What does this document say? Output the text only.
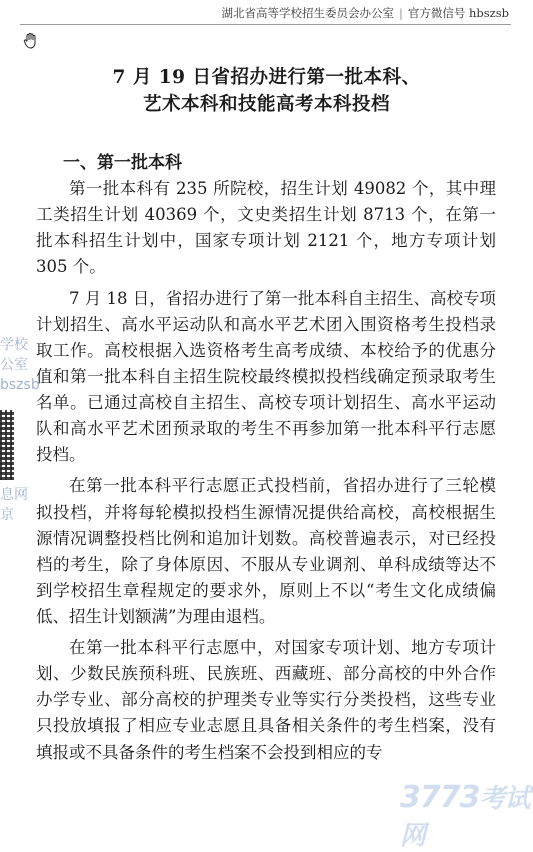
湖北省高等学校招生委员会办公室 | 官方微信号 hbszsb
7 月 19 日省招办进行第一批本科、
艺术本科和技能高考本科投档
一、第一批本科

第一批本科有 235 所院校，招生计划 49082 个，其中理工类招生计划 40369 个，文史类招生计划 8713 个，在第一批本科招生计划中，国家专项计划 2121 个，地方专项计划 305 个。

7 月 18 日，省招办进行了第一批本科自主招生、高校专项计划招生、高水平运动队和高水平艺术团入围资格考生投档录取工作。高校根据入选资格考生高考成绩、本校给予的优惠分值和第一批本科自主招生院校最终模拟投档线确定预录取考生名单。已通过高校自主招生、高校专项计划招生、高水平运动队和高水平艺术团预录取的考生不再参加第一批本科平行志愿投档。

在第一批本科平行志愿正式投档前，省招办进行了三轮模拟投档，并将每轮模拟投档生源情况提供给高校，高校根据生源情况调整投档比例和追加计划数。高校普遍表示，对已经投档的考生，除了身体原因、不服从专业调剂、单科成绩等达不到学校招生章程规定的要求外，原则上不以“考生文化成绩偏低、招生计划额满”为理由退档。

在第一批本科平行志愿中，对国家专项计划、地方专项计划、少数民族预科班、民族班、西藏班、部分高校的中外合作办学专业、部分高校的护理类专业等实行分类投档，这些专业只投放填报了相应专业志愿且具备相关条件的考生档案，没有填报或不具备条件的考生档案不会投到相应的专

学校
公室
bszsb
息网
京
3773考试网
